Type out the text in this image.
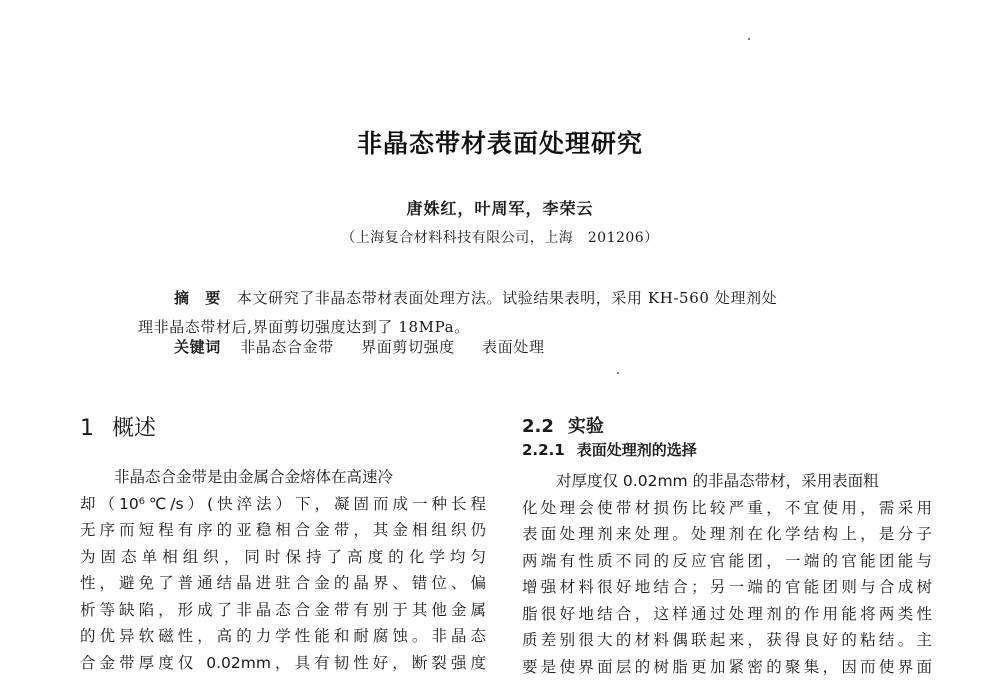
非晶态带材表面处理研究
唐姝红，叶周军，李荣云
（上海复合材料科技有限公司，上海　201206）
摘　要 本文研究了非晶态带材表面处理方法。试验结果表明，采用 KH-560 处理剂处
理非晶态带材后,界面剪切强度达到了 18MPa。
关键词 非晶态合金带 界面剪切强度 表面处理
1 概述
非晶态合金带是由金属合金熔体在高速冷
却（10⁶℃/s）(快淬法）下，凝固而成一种长程
无序而短程有序的亚稳相合金带，其金相组织仍
为固态单相组织，同时保持了高度的化学均匀
性，避免了普通结晶进驻合金的晶界、错位、偏
析等缺陷，形成了非晶态合金带有别于其他金属
的优异软磁性，高的力学性能和耐腐蚀。非晶态
合金带厚度仅 0.02mm，具有韧性好，断裂强度
2.2 实验
2.2.1 表面处理剂的选择
对厚度仅 0.02mm 的非晶态带材，采用表面粗
化处理会使带材损伤比较严重，不宜使用，需采用
表面处理剂来处理。处理剂在化学结构上，是分子
两端有性质不同的反应官能团，一端的官能团能与
增强材料很好地结合；另一端的官能团则与合成树
脂很好地结合，这样通过处理剂的作用能将两类性
质差别很大的材料偶联起来，获得良好的粘结。主
要是使界面层的树脂更加紧密的聚集，因而使界面
